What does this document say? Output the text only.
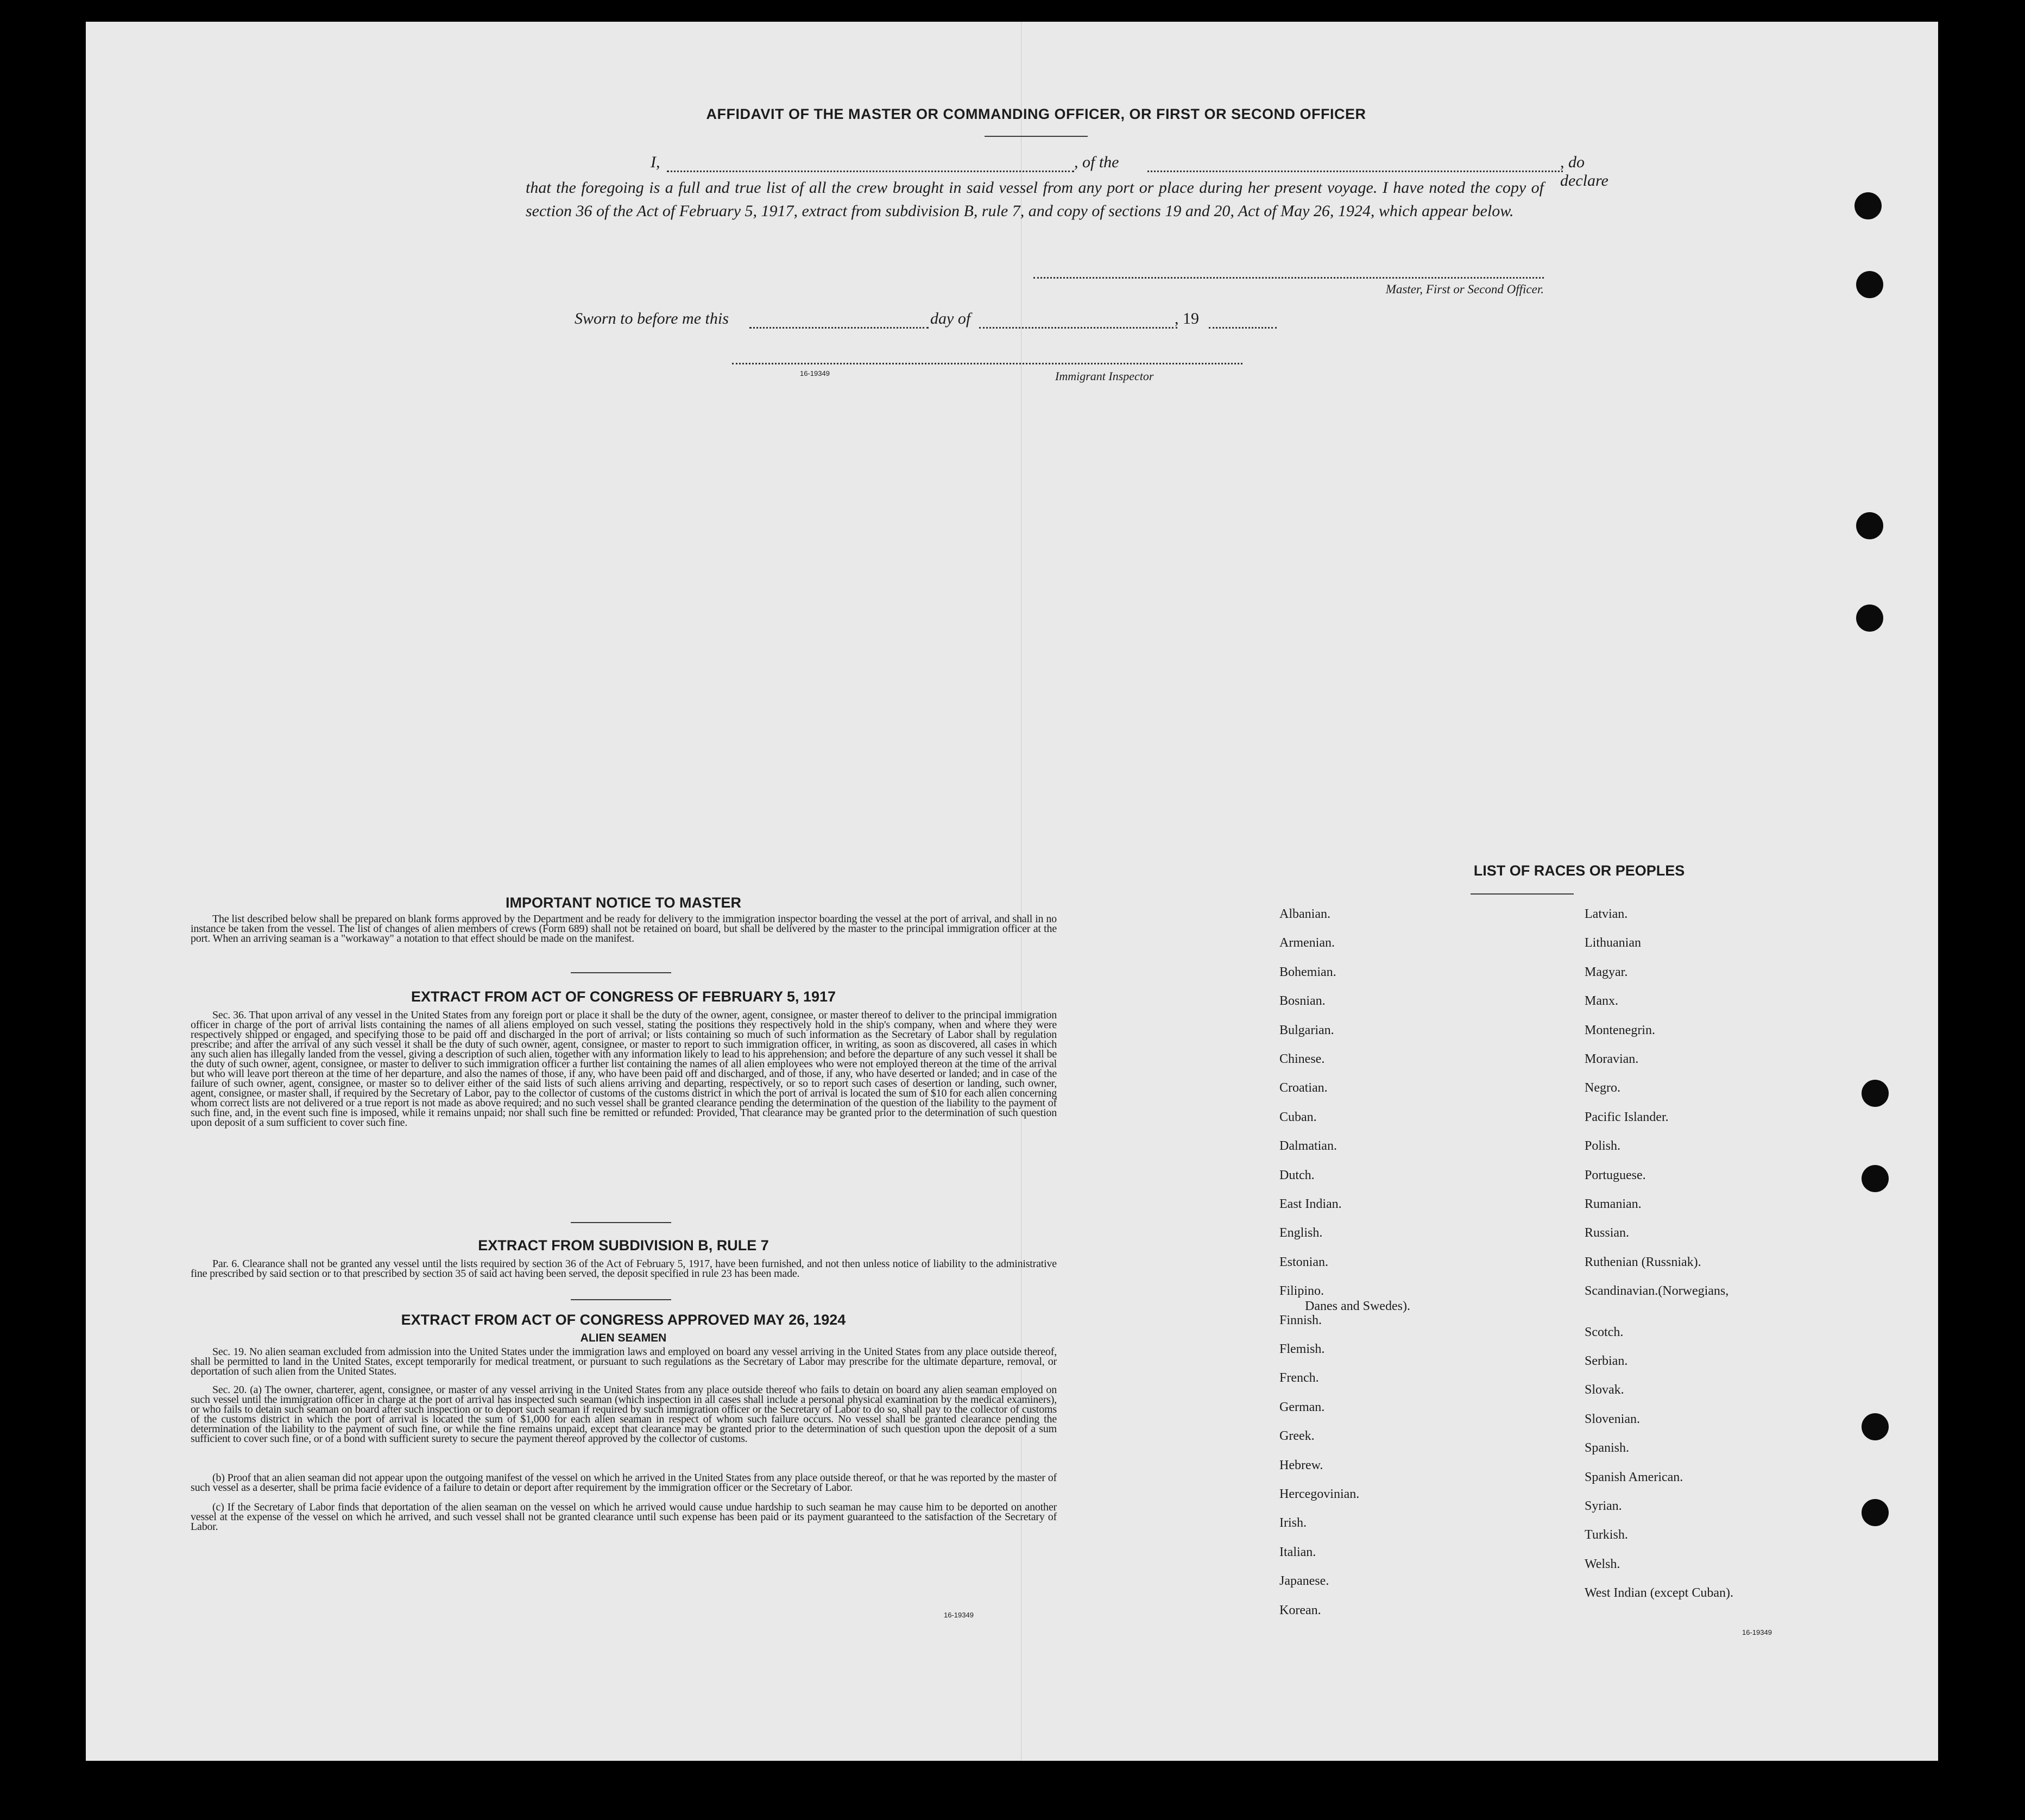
AFFIDAVIT OF THE MASTER OR COMMANDING OFFICER, OR FIRST OR SECOND OFFICER
I,	, of the	, do declare
that the foregoing is a full and true list of all the crew brought in said vessel from any port or place during her present voyage. I have noted the copy of section 36 of the Act of February 5, 1917, extract from subdivision B, rule 7, and copy of sections 19 and 20, Act of May 26, 1924, which appear below.
Master, First or Second Officer.
Sworn to before me this	day of	, 19
16-19349	Immigrant Inspector
IMPORTANT NOTICE TO MASTER
The list described below shall be prepared on blank forms approved by the Department and be ready for delivery to the immigration inspector boarding the vessel at the port of arrival, and shall in no instance be taken from the vessel. The list of changes of alien members of crews (Form 689) shall not be retained on board, but shall be delivered by the master to the principal immigration officer at the port. When an arriving seaman is a "workaway" a notation to that effect should be made on the manifest.
EXTRACT FROM ACT OF CONGRESS OF FEBRUARY 5, 1917
Sec. 36. That upon arrival of any vessel in the United States from any foreign port or place it shall be the duty of the owner, agent, consignee, or master thereof to deliver to the principal immigration officer in charge of the port of arrival lists containing the names of all aliens employed on such vessel, stating the positions they respectively hold in the ship's company, when and where they were respectively shipped or engaged, and specifying those to be paid off and discharged in the port of arrival; or lists containing so much of such information as the Secretary of Labor shall by regulation prescribe; and after the arrival of any such vessel it shall be the duty of such owner, agent, consignee, or master to report to such immigration officer, in writing, as soon as discovered, all cases in which any such alien has illegally landed from the vessel, giving a description of such alien, together with any information likely to lead to his apprehension; and before the departure of any such vessel it shall be the duty of such owner, agent, consignee, or master to deliver to such immigration officer a further list containing the names of all alien employees who were not employed thereon at the time of the arrival but who will leave port thereon at the time of her departure, and also the names of those, if any, who have been paid off and discharged, and of those, if any, who have deserted or landed; and in case of the failure of such owner, agent, consignee, or master so to deliver either of the said lists of such aliens arriving and departing, respectively, or so to report such cases of desertion or landing, such owner, agent, consignee, or master shall, if required by the Secretary of Labor, pay to the collector of customs of the customs district in which the port of arrival is located the sum of $10 for each alien concerning whom correct lists are not delivered or a true report is not made as above required; and no such vessel shall be granted clearance pending the determination of the question of the liability to the payment of such fine, and, in the event such fine is imposed, while it remains unpaid; nor shall such fine be remitted or refunded: Provided, That clearance may be granted prior to the determination of such question upon deposit of a sum sufficient to cover such fine.
EXTRACT FROM SUBDIVISION B, RULE 7
Par. 6. Clearance shall not be granted any vessel until the lists required by section 36 of the Act of February 5, 1917, have been furnished, and not then unless notice of liability to the administrative fine prescribed by said section or to that prescribed by section 35 of said act having been served, the deposit specified in rule 23 has been made.
EXTRACT FROM ACT OF CONGRESS APPROVED MAY 26, 1924
ALIEN SEAMEN
Sec. 19. No alien seaman excluded from admission into the United States under the immigration laws and employed on board any vessel arriving in the United States from any place outside thereof, shall be permitted to land in the United States, except temporarily for medical treatment, or pursuant to such regulations as the Secretary of Labor may prescribe for the ultimate departure, removal, or deportation of such alien from the United States.
Sec. 20. (a) The owner, charterer, agent, consignee, or master of any vessel arriving in the United States from any place outside thereof who fails to detain on board any alien seaman employed on such vessel until the immigration officer in charge at the port of arrival has inspected such seaman (which inspection in all cases shall include a personal physical examination by the medical examiners), or who fails to detain such seaman on board after such inspection or to deport such seaman if required by such immigration officer or the Secretary of Labor to do so, shall pay to the collector of customs of the customs district in which the port of arrival is located the sum of $1,000 for each alien seaman in respect of whom such failure occurs. No vessel shall be granted clearance pending the determination of the liability to the payment of such fine, or while the fine remains unpaid, except that clearance may be granted prior to the determination of such question upon the deposit of a sum sufficient to cover such fine, or of a bond with sufficient surety to secure the payment thereof approved by the collector of customs.
(b) Proof that an alien seaman did not appear upon the outgoing manifest of the vessel on which he arrived in the United States from any place outside thereof, or that he was reported by the master of such vessel as a deserter, shall be prima facie evidence of a failure to detain or deport after requirement by the immigration officer or the Secretary of Labor.
(c) If the Secretary of Labor finds that deportation of the alien seaman on the vessel on which he arrived would cause undue hardship to such seaman he may cause him to be deported on another vessel at the expense of the vessel on which he arrived, and such vessel shall not be granted clearance until such expense has been paid or its payment guaranteed to the satisfaction of the Secretary of Labor.
16-19349
LIST OF RACES OR PEOPLES
16-19349
Albanian.
Armenian.
Bohemian.
Bosnian.
Bulgarian.
Chinese.
Croatian.
Cuban.
Dalmatian.
Dutch.
East Indian.
English.
Estonian.
Filipino.
Finnish.
Flemish.
French.
German.
Greek.
Hebrew.
Hercegovinian.
Irish.
Italian.
Japanese.
Korean.
Latvian.
Lithuanian
Magyar.
Manx.
Montenegrin.
Moravian.
Negro.
Pacific Islander.
Polish.
Portuguese.
Rumanian.
Russian.
Ruthenian (Russniak).
Scandinavian.(Norwegians,
Danes and Swedes).
Scotch.
Serbian.
Slovak.
Slovenian.
Spanish.
Spanish American.
Syrian.
Turkish.
Welsh.
West Indian (except Cuban).
